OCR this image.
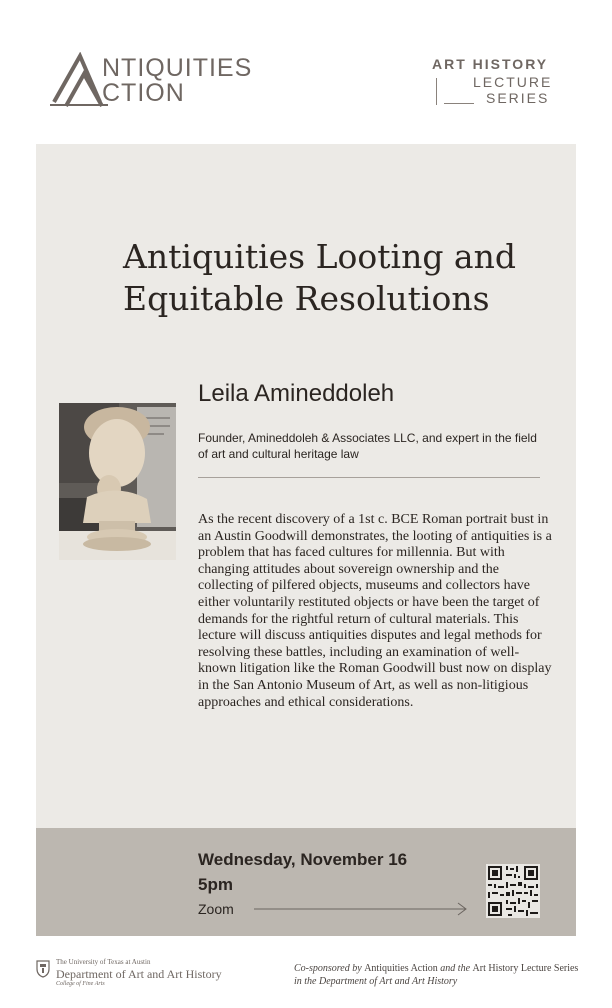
NTIQUITIES
CTION
ART HISTORY
LECTURE
SERIES
Antiquities Looting and Equitable Resolutions
Leila Amineddoleh
Founder, Amineddoleh & Associates LLC, and expert in the field of art and cultural heritage law
As the recent discovery of a 1st c. BCE Roman portrait bust in an Austin Goodwill demonstrates, the looting of antiquities is a problem that has faced cultures for millennia. But with changing attitudes about sovereign ownership and the collecting of pilfered objects, museums and collectors have either voluntarily restituted objects or have been the target of demands for the rightful return of cultural materials. This lecture will discuss antiquities disputes and legal methods for resolving these battles, including an examination of well-known litigation like the Roman Goodwill bust now on display in the San Antonio Museum of Art, as well as non-litigious approaches and ethical considerations.
Wednesday, November 16
5pm
Zoom
The University of Texas at Austin
Department of Art and Art History
College of Fine Arts
Co-sponsored by Antiquities Action and the Art History Lecture Series
in the Department of Art and Art History
